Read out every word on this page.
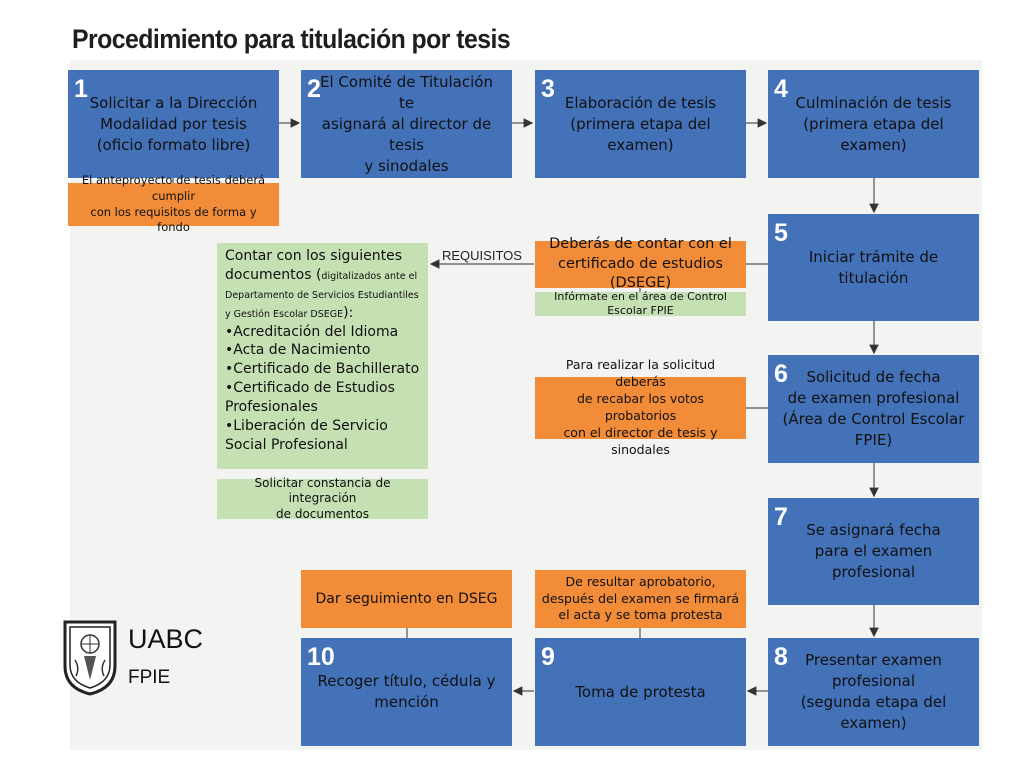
Procedimiento para titulación por tesis
1 Solicitar a la Dirección
Modalidad por tesis
(oficio formato libre)
2 El Comité de Titulación te
asignará al director de tesis
y sinodales
3 Elaboración de tesis
(primera etapa del examen)
4 Culminación de tesis
(primera etapa del examen)
5
Iniciar trámite de titulación
6	Solicitud de fecha
de examen profesional
(Área de Control Escolar FPIE)
7 Se asignará fecha
para el examen
profesional
8	Presentar examen
profesional
(segunda etapa del examen)
9
Toma de protesta
10
Recoger título, cédula y
mención
El anteproyecto de tesis deberá cumplir
con los requisitos de forma y fondo
Deberás de contar con el
certificado de estudios (DSEGE)
Infórmate en el área de Control Escolar FPIE
Para realizar la solicitud deberás
de recabar los votos probatorios
con el director de tesis y sinodales
De resultar aprobatorio,
después del examen se firmará
el acta y se toma protesta
Dar seguimiento en DSEG
REQUISITOS
Contar con los siguientes documentos (digitalizados ante el Departamento de Servicios Estudiantiles y Gestión Escolar DSEGE):
•Acreditación del Idioma
•Acta de Nacimiento
•Certificado de Bachillerato
•Certificado de Estudios Profesionales
•Liberación de Servicio Social Profesional
Solicitar constancia de integración
de documentos
UABC
FPIE
